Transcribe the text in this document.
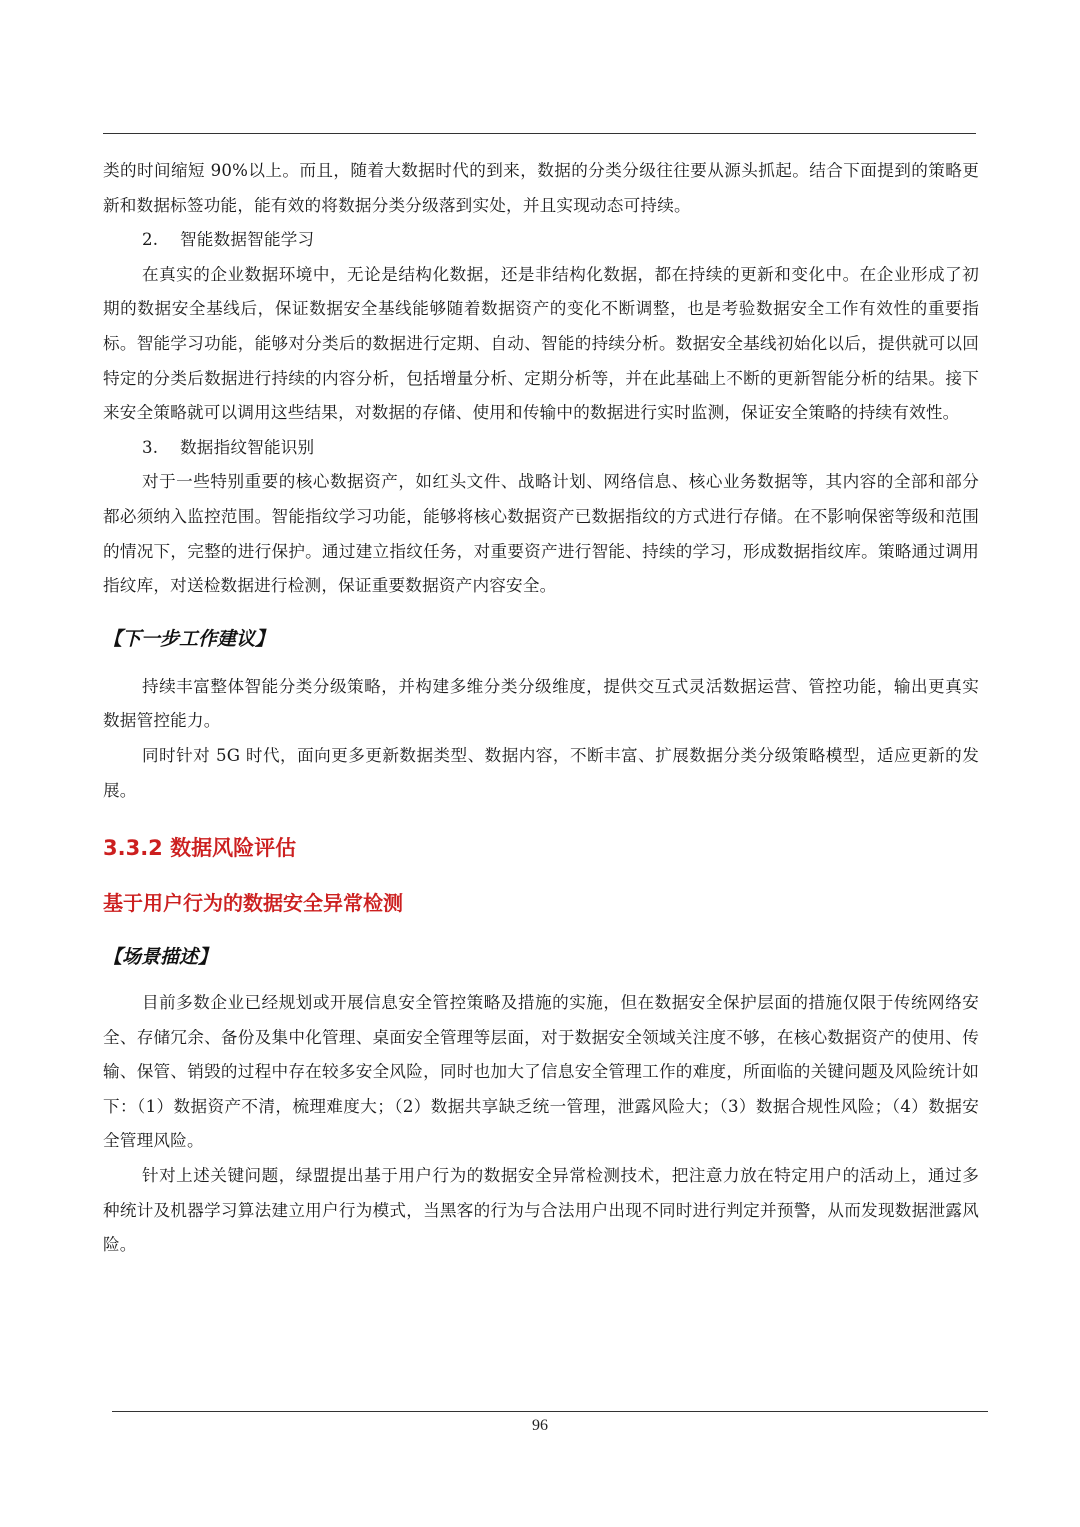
类的时间缩短 90%以上。而且，随着大数据时代的到来，数据的分类分级往往要从源头抓起。结合下面提到的策略更新和数据标签功能，能有效的将数据分类分级落到实处，并且实现动态可持续。

2. 智能数据智能学习

在真实的企业数据环境中，无论是结构化数据，还是非结构化数据，都在持续的更新和变化中。在企业形成了初期的数据安全基线后，保证数据安全基线能够随着数据资产的变化不断调整，也是考验数据安全工作有效性的重要指标。智能学习功能，能够对分类后的数据进行定期、自动、智能的持续分析。数据安全基线初始化以后，提供就可以回特定的分类后数据进行持续的内容分析，包括增量分析、定期分析等，并在此基础上不断的更新智能分析的结果。接下来安全策略就可以调用这些结果，对数据的存储、使用和传输中的数据进行实时监测，保证安全策略的持续有效性。

3. 数据指纹智能识别

对于一些特别重要的核心数据资产，如红头文件、战略计划、网络信息、核心业务数据等，其内容的全部和部分都必须纳入监控范围。智能指纹学习功能，能够将核心数据资产已数据指纹的方式进行存储。在不影响保密等级和范围的情况下，完整的进行保护。通过建立指纹任务，对重要资产进行智能、持续的学习，形成数据指纹库。策略通过调用指纹库，对送检数据进行检测，保证重要数据资产内容安全。

【下一步工作建议】

持续丰富整体智能分类分级策略，并构建多维分类分级维度，提供交互式灵活数据运营、管控功能，输出更真实数据管控能力。

同时针对 5G 时代，面向更多更新数据类型、数据内容，不断丰富、扩展数据分类分级策略模型，适应更新的发展。

3.3.2 数据风险评估
基于用户行为的数据安全异常检测
【场景描述】

目前多数企业已经规划或开展信息安全管控策略及措施的实施，但在数据安全保护层面的措施仅限于传统网络安全、存储冗余、备份及集中化管理、桌面安全管理等层面，对于数据安全领域关注度不够，在核心数据资产的使用、传输、保管、销毁的过程中存在较多安全风险，同时也加大了信息安全管理工作的难度，所面临的关键问题及风险统计如下：（1）数据资产不清，梳理难度大；（2）数据共享缺乏统一管理，泄露风险大；（3）数据合规性风险；（4）数据安全管理风险。

针对上述关键问题，绿盟提出基于用户行为的数据安全异常检测技术，把注意力放在特定用户的活动上，通过多种统计及机器学习算法建立用户行为模式，当黑客的行为与合法用户出现不同时进行判定并预警，从而发现数据泄露风险。

96
